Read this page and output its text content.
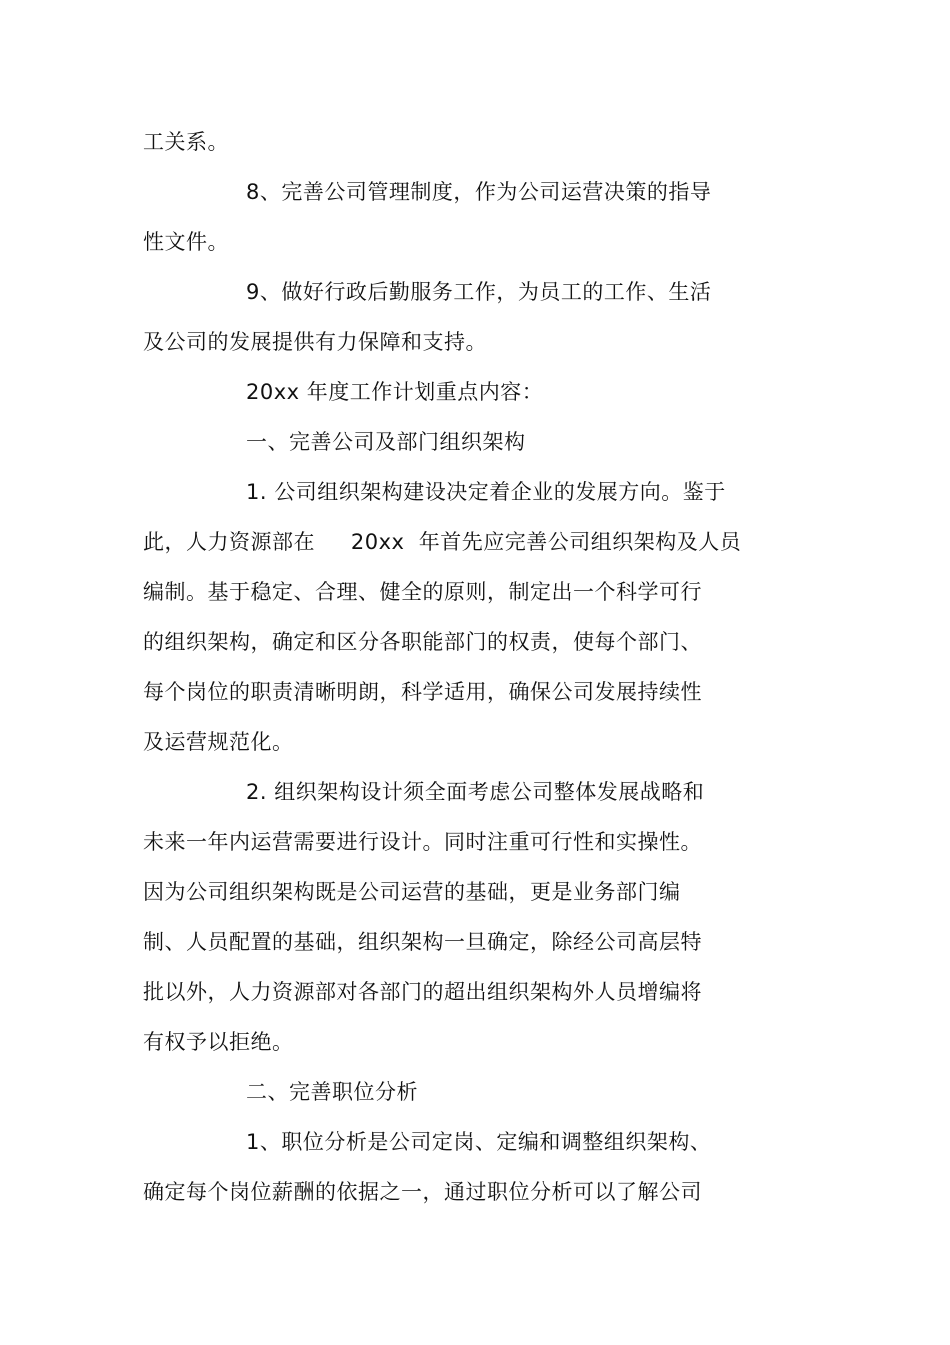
工关系。
8、完善公司管理制度，作为公司运营决策的指导
性文件。
9、做好行政后勤服务工作，为员工的工作、生活
及公司的发展提供有力保障和支持。
20xx 年度工作计划重点内容：
一、完善公司及部门组织架构
1. 公司组织架构建设决定着企业的发展方向。鉴于
此，人力资源部在     20xx  年首先应完善公司组织架构及人员
编制。基于稳定、合理、健全的原则，制定出一个科学可行
的组织架构，确定和区分各职能部门的权责，使每个部门、
每个岗位的职责清晰明朗，科学适用，确保公司发展持续性
及运营规范化。
2. 组织架构设计须全面考虑公司整体发展战略和
未来一年内运营需要进行设计。同时注重可行性和实操性。
因为公司组织架构既是公司运营的基础，更是业务部门编
制、人员配置的基础，组织架构一旦确定，除经公司高层特
批以外，人力资源部对各部门的超出组织架构外人员增编将
有权予以拒绝。
二、完善职位分析
1、职位分析是公司定岗、定编和调整组织架构、
确定每个岗位薪酬的依据之一，通过职位分析可以了解公司
